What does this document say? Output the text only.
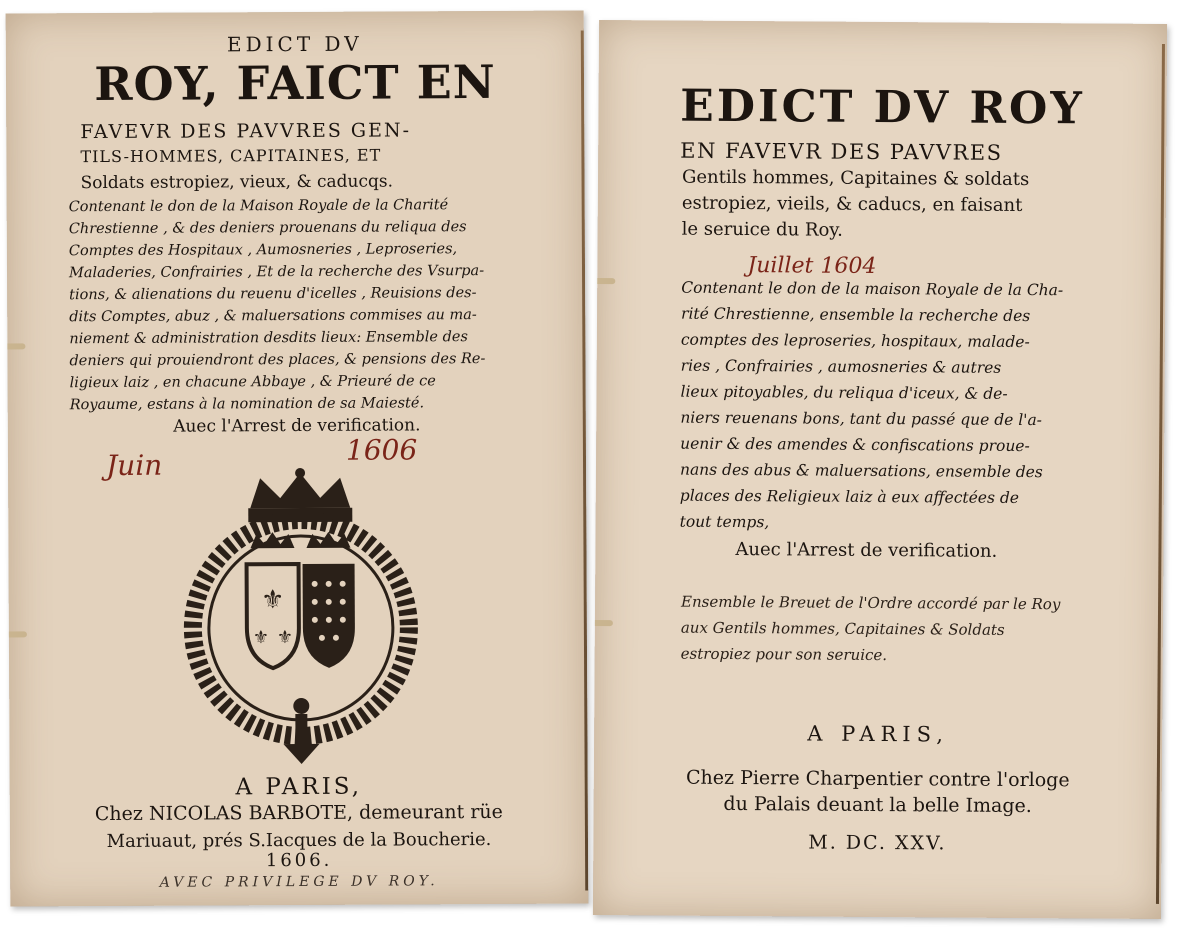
EDICT DV
ROY, FAICT EN
FAVEVR DES PAVVRES GEN-
TILS-HOMMES, CAPITAINES, ET
Soldats estropiez, vieux, & caducqs.
Contenant le don de la Maison Royale de la Charité
Chrestienne , & des deniers prouenans du reliqua des
Comptes des Hospitaux , Aumosneries , Leproseries,
Maladeries, Confrairies , Et de la recherche des Vsurpa-
tions, & alienations du reuenu d'icelles , Reuisions des-
dits Comptes, abuz , & maluersations commises au ma-
niement & administration desdits lieux: Ensemble des
deniers qui prouiendront des places, & pensions des Re-
ligieux laiz , en chacune Abbaye , & Prieuré de ce
Royaume, estans à la nomination de sa Maiesté.
Auec l'Arrest de verification.
Juin	1606
⚜
⚜ ⚜
A PARIS,
Chez NICOLAS BARBOTE, demeurant rüe
Mariuaut, prés S.Iacques de la Boucherie.
1606.
AVEC PRIVILEGE DV ROY.
EDICT DV ROY
EN FAVEVR DES PAVVRES
Gentils hommes, Capitaines & soldats
estropiez, vieils, & caducs, en faisant
le seruice du Roy.
Juillet 1604
Contenant le don de la maison Royale de la Cha-
rité Chrestienne, ensemble la recherche des
comptes des leproseries, hospitaux, malade-
ries , Confrairies , aumosneries & autres
lieux pitoyables, du reliqua d'iceux, & de-
niers reuenans bons, tant du passé que de l'a-
uenir & des amendes & confiscations proue-
nans des abus & maluersations, ensemble des
places des Religieux laiz à eux affectées de
tout temps,
Auec l'Arrest de verification.
Ensemble le Breuet de l'Ordre accordé par le Roy
aux Gentils hommes, Capitaines & Soldats
estropiez pour son seruice.
A PARIS,
Chez Pierre Charpentier contre l'orloge
du Palais deuant la belle Image.
M. DC. XXV.
